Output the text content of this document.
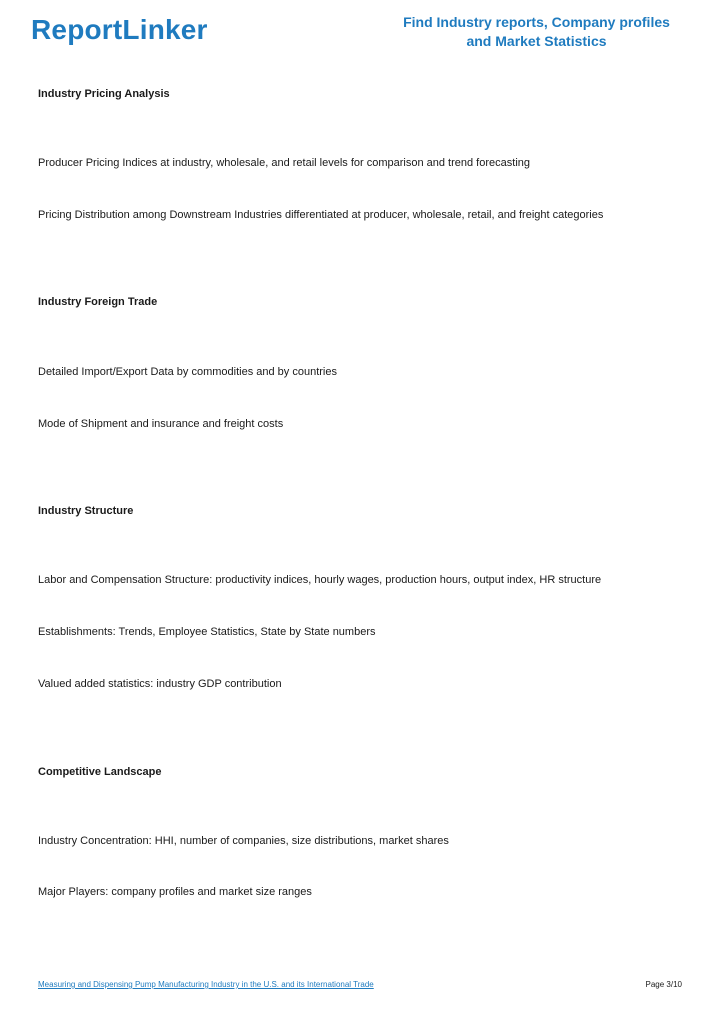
ReportLinker	Find Industry reports, Company profiles
and Market Statistics
Industry Pricing Analysis
Producer Pricing Indices at industry, wholesale, and retail levels for comparison and trend forecasting
Pricing Distribution among Downstream Industries differentiated at producer, wholesale, retail, and freight categories
Industry Foreign Trade
Detailed Import/Export Data by commodities and by countries
Mode of Shipment and insurance and freight costs
Industry Structure
Labor and Compensation Structure: productivity indices, hourly wages, production hours, output index, HR structure
Establishments: Trends, Employee Statistics, State by State numbers
Valued added statistics: industry GDP contribution
Competitive Landscape
Industry Concentration: HHI, number of companies, size distributions, market shares
Major Players: company profiles and market size ranges
Measuring and Dispensing Pump Manufacturing Industry in the U.S. and its International Trade	Page 3/10
